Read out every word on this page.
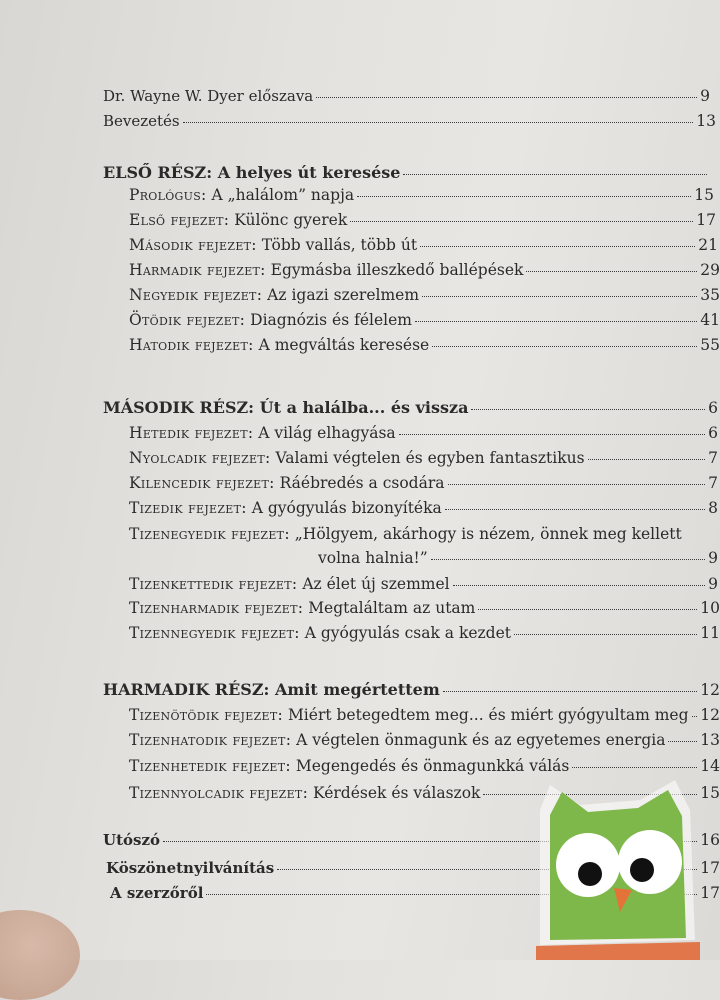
Dr. Wayne W. Dyer előszava	9
Bevezetés	13
ELSŐ RÉSZ: A helyes út keresése
Prológus: A „halálom” napja	15
Első fejezet: Különc gyerek	17
Második fejezet: Több vallás, több út	21
Harmadik fejezet: Egymásba illeszkedő ballépések	29
Negyedik fejezet: Az igazi szerelmem	35
Ötödik fejezet: Diagnózis és félelem	41
Hatodik fejezet: A megváltás keresése	55
MÁSODIK RÉSZ: Út a halálba... és vissza	6
Hetedik fejezet: A világ elhagyása	6
Nyolcadik fejezet: Valami végtelen és egyben fantasztikus	7
Kilencedik fejezet: Ráébredés a csodára	7
Tizedik fejezet: A gyógyulás bizonyítéka	8
Tizenegyedik fejezet: „Hölgyem, akárhogy is nézem, önnek meg kellett
volna halnia!”	9
Tizenkettedik fejezet: Az élet új szemmel	9
Tizenharmadik fejezet: Megtaláltam az utam	10
Tizennegyedik fejezet: A gyógyulás csak a kezdet	11
HARMADIK RÉSZ: Amit megértettem	12
Tizenötödik fejezet: Miért betegedtem meg... és miért gyógyultam meg 12
Tizenhatodik fejezet: A végtelen önmagunk és az egyetemes energia 13
Tizenhetedik fejezet: Megengedés és önmagunkká válás	14
Tizennyolcadik fejezet: Kérdések és válaszok	15
Utószó	16
Köszönetnyilvánítás	17
A szerzőről	17
